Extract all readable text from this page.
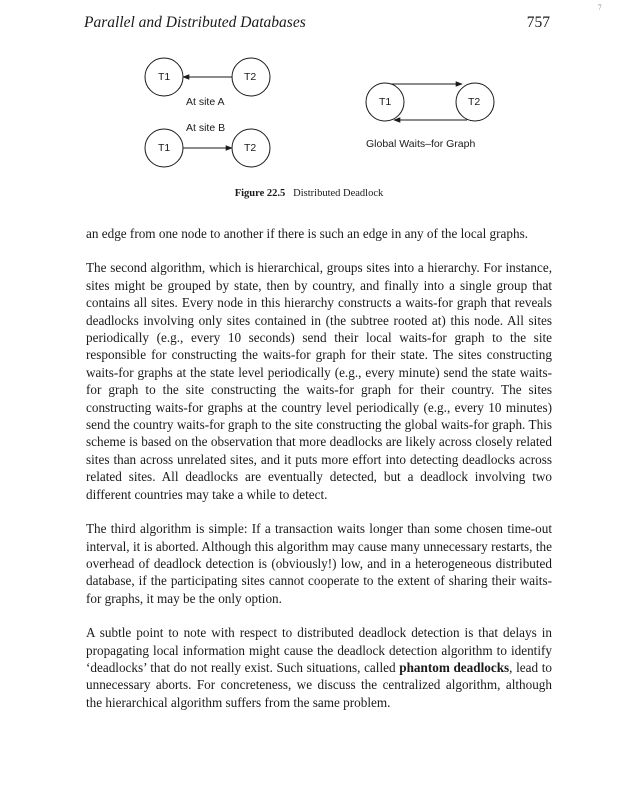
Parallel and Distributed Databases	757
7
T1	T2
T1	T2
T1	T2
At site A
At site B
Global Waits–for Graph
Figure 22.5 Distributed Deadlock

an edge from one node to another if there is such an edge in any of the local graphs.

The second algorithm, which is hierarchical, groups sites into a hierarchy. For instance, sites might be grouped by state, then by country, and finally into a single group that contains all sites. Every node in this hierarchy constructs a waits-for graph that reveals deadlocks involving only sites contained in (the subtree rooted at) this node. All sites periodically (e.g., every 10 seconds) send their local waits-for graph to the site responsible for constructing the waits-for graph for their state. The sites constructing waits-for graphs at the state level periodically (e.g., every minute) send the state waits-for graph to the site constructing the waits-for graph for their country. The sites constructing waits-for graphs at the country level periodically (e.g., every 10 minutes) send the country waits-for graph to the site constructing the global waits-for graph. This scheme is based on the observation that more deadlocks are likely across closely related sites than across unrelated sites, and it puts more effort into detecting deadlocks across related sites. All deadlocks are eventually detected, but a deadlock involving two different countries may take a while to detect.

The third algorithm is simple: If a transaction waits longer than some chosen time-out interval, it is aborted. Although this algorithm may cause many unnecessary restarts, the overhead of deadlock detection is (obviously!) low, and in a heterogeneous distributed database, if the participating sites cannot cooperate to the extent of sharing their waits-for graphs, it may be the only option.

A subtle point to note with respect to distributed deadlock detection is that delays in propagating local information might cause the deadlock detection algorithm to identify ‘deadlocks’ that do not really exist. Such situations, called phantom deadlocks, lead to unnecessary aborts. For concreteness, we discuss the centralized algorithm, although the hierarchical algorithm suffers from the same problem.
